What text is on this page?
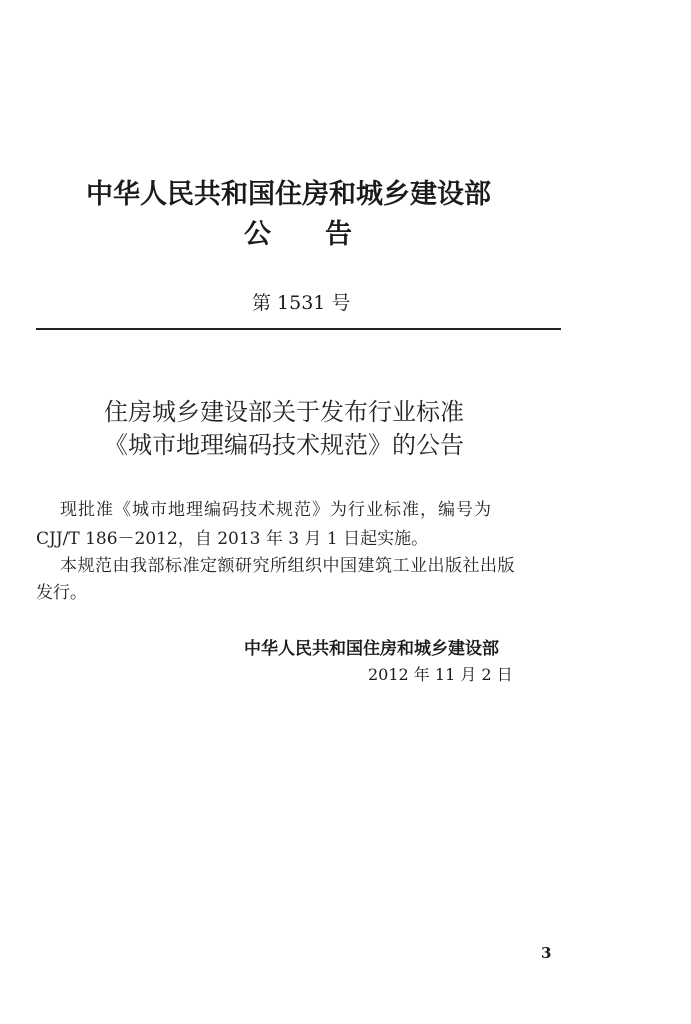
中华人民共和国住房和城乡建设部
公 告
第 1531 号
住房城乡建设部关于发布行业标准
《城市地理编码技术规范》的公告
现批准《城市地理编码技术规范》为行业标准，编号为
CJJ/T 186－2012，自 2013 年 3 月 1 日起实施。
本规范由我部标准定额研究所组织中国建筑工业出版社出版
发行。
中华人民共和国住房和城乡建设部
2012 年 11 月 2 日
3
